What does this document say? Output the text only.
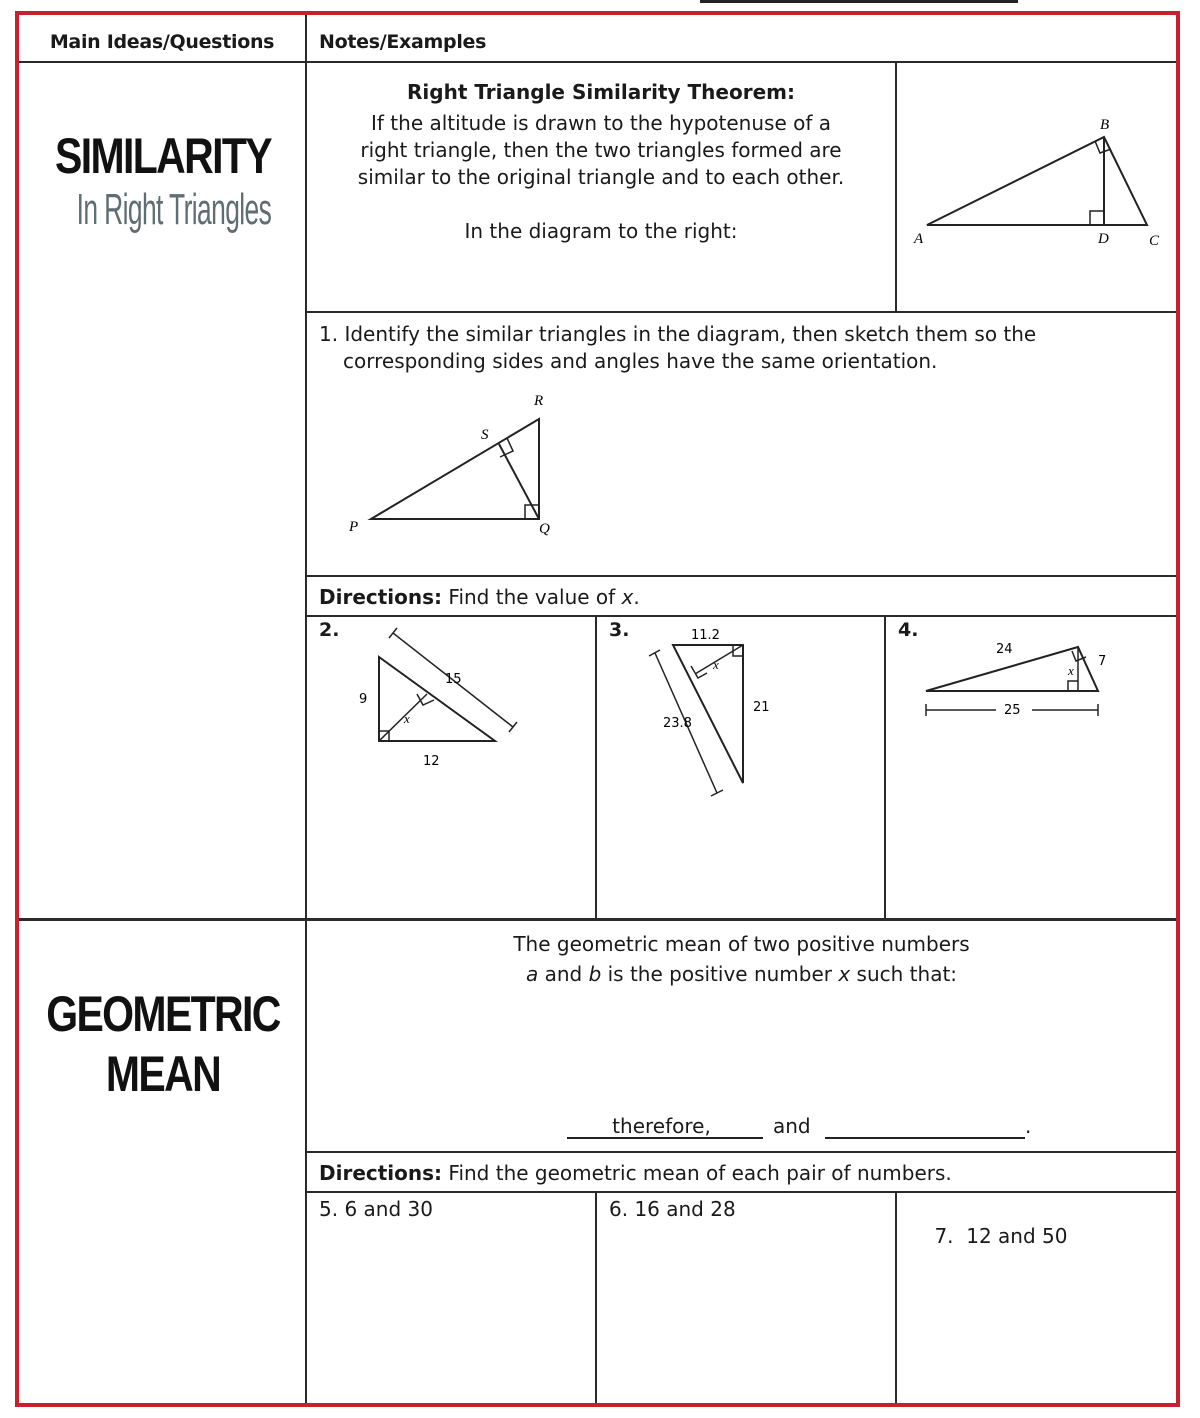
Main Ideas/Questions	Notes/Examples
SIMILARITY
In Right Triangles
Right Triangle Similarity Theorem:
If the altitude is drawn to the hypotenuse of a
right triangle, then the two triangles formed are
similar to the original triangle and to each other.
In the diagram to the right:	A
B
C
D
1. Identify the similar triangles in the diagram, then sketch them so the
corresponding sides and angles have the same orientation.
P	Q
R
S
Directions: Find the value of x.
2.
9
15
12
x
3.	11.2
21
23.8
x
4.
24
7
25
x
GEOMETRIC
MEAN
The geometric mean of two positive numbers
a and b is the positive number x such that:
therefore,	and	.
Directions: Find the geometric mean of each pair of numbers.
5. 6 and 30	6. 16 and 28

7.  12 and 50
